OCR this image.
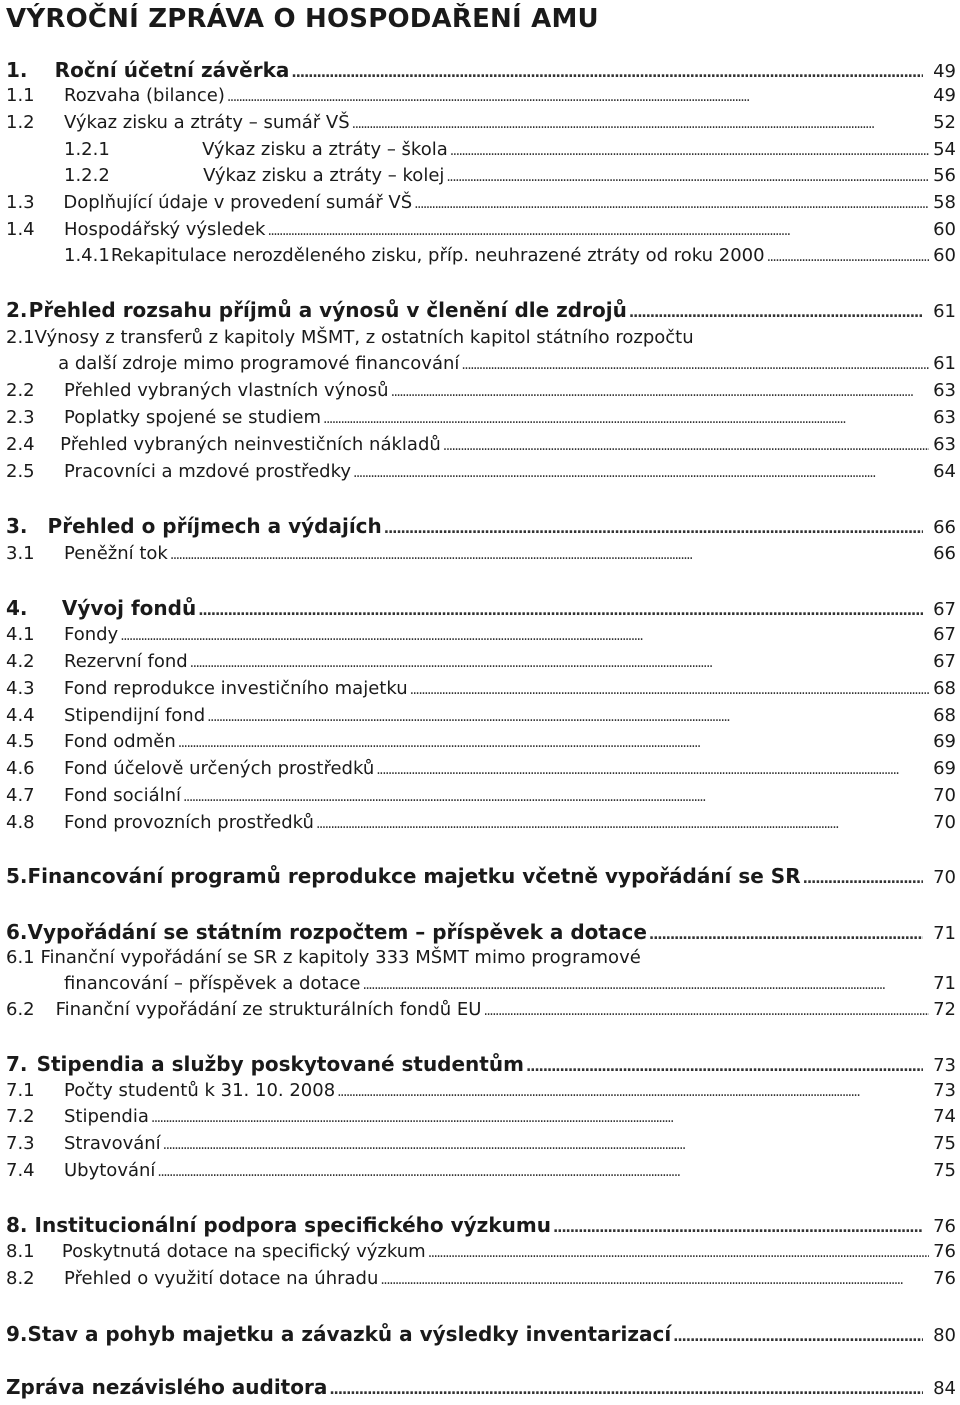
VÝROČNÍ ZPRÁVA O HOSPODAŘENÍ AMU
1.	Roční účetní závěrka . . .	49
1.1	Rozvaha (bilance) . . .	49
1.2	Výkaz zisku a ztráty – sumář VŠ . . .	52
1.2.1	Výkaz zisku a ztráty – škola . . .	54
1.2.2	Výkaz zisku a ztráty – kolej . . .	56
1.3	Doplňující údaje v provedení sumář VŠ . . .	58
1.4	Hospodářský výsledek . . .	60
1.4.1 Rekapitulace nerozděleného zisku, příp. neuhrazené ztráty od roku 2000 . . .	60
2. Přehled rozsahu příjmů a výnosů v členění dle zdrojů . . .	61
2.1 Výnosy z transferů z kapitoly MŠMT, z ostatních kapitol státního rozpočtu
a další zdroje mimo programové financování . . .	61
2.2	Přehled vybraných vlastních výnosů . . .	63
2.3	Poplatky spojené se studiem . . .	63
2.4	Přehled vybraných neinvestičních nákladů . . .	63
2.5	Pracovníci a mzdové prostředky . . .	64
3.	Přehled o příjmech a výdajích . . .	66
3.1	Peněžní tok . . .	66
4.	Vývoj fondů . . .	67
4.1	Fondy . . .	67
4.2	Rezervní fond . . .	67
4.3	Fond reprodukce investičního majetku . . .	68
4.4	Stipendijní fond . . .	68
4.5	Fond odměn . . .	69
4.6	Fond účelově určených prostředků . . .	69
4.7	Fond sociální . . .	70
4.8	Fond provozních prostředků . . .	70
5. Financování programů reprodukce majetku včetně vypořádání se SR . . .	70
6. Vypořádání se státním rozpočtem – příspěvek a dotace . . .	71
6.1 Finanční vypořádání se SR z kapitoly 333 MŠMT mimo programové
financování – příspěvek a dotace . . .	71
6.2	Finanční vypořádání ze strukturálních fondů EU . . .	72
7. Stipendia a služby poskytované studentům . . .	73
7.1	Počty studentů k 31. 10. 2008 . . .	73
7.2	Stipendia . . .	74
7.3	Stravování . . .	75
7.4	Ubytování . . .	75
8. Institucionální podpora specifického výzkumu . . .	76
8.1	Poskytnutá dotace na specifický výzkum . . .	76
8.2	Přehled o využití dotace na úhradu . . .	76
9. Stav a pohyb majetku a závazků a výsledky inventarizací . . .	80
Zpráva nezávislého auditora . . .	84
